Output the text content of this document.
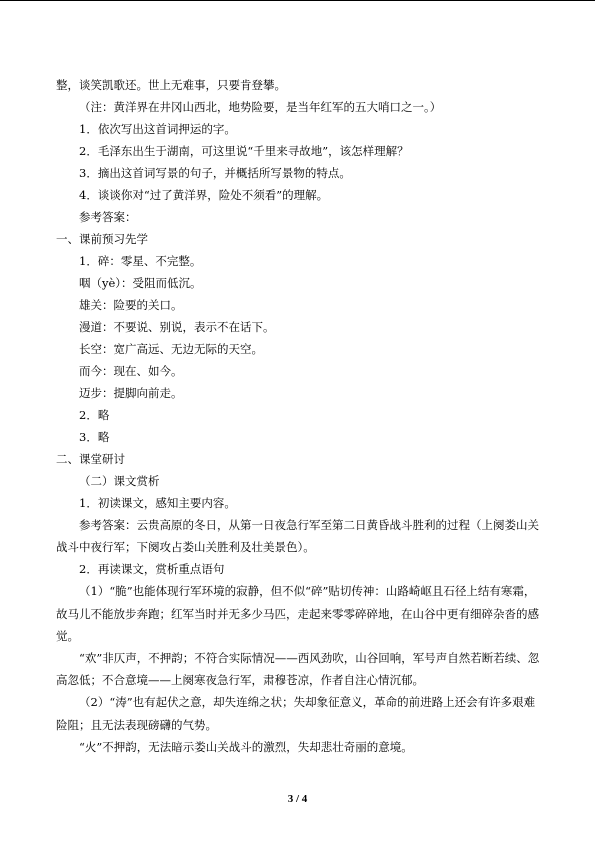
整，谈笑凯歌还。世上无难事，只要肯登攀。
（注：黄洋界在井冈山西北，地势险要，是当年红军的五大哨口之一。）
1．依次写出这首词押运的字。
2．毛泽东出生于湖南，可这里说“千里来寻故地”，该怎样理解？
3．摘出这首词写景的句子，并概括所写景物的特点。
4．谈谈你对“过了黄洋界，险处不须看”的理解。
参考答案：
一、课前预习先学
1．碎：零星、不完整。
咽（yè）：受阻而低沉。
雄关：险要的关口。
漫道：不要说、别说，表示不在话下。
长空：宽广高远、无边无际的天空。
而今：现在、如今。
迈步：提脚向前走。
2．略
3．略
二、课堂研讨
（二）课文赏析
1．初读课文，感知主要内容。
参考答案：云贵高原的冬日，从第一日夜急行军至第二日黄昏战斗胜利的过程（上阕娄山关战斗中夜行军；下阕攻占娄山关胜利及壮美景色）。
2．再读课文，赏析重点语句
（1）“脆”也能体现行军环境的寂静，但不似“碎”贴切传神：山路崎岖且石径上结有寒霜，故马儿不能放步奔跑；红军当时并无多少马匹，走起来零零碎碎地，在山谷中更有细碎杂沓的感觉。
“欢”非仄声，不押韵；不符合实际情况——西风劲吹，山谷回响，军号声自然若断若续、忽高忽低；不合意境——上阕寒夜急行军，肃穆苍凉，作者自注心情沉郁。
（2）“涛”也有起伏之意，却失连绵之状；失却象征意义，革命的前进路上还会有许多艰难险阻；且无法表现磅礴的气势。
“火”不押韵，无法暗示娄山关战斗的激烈，失却悲壮奇丽的意境。
3 / 4
